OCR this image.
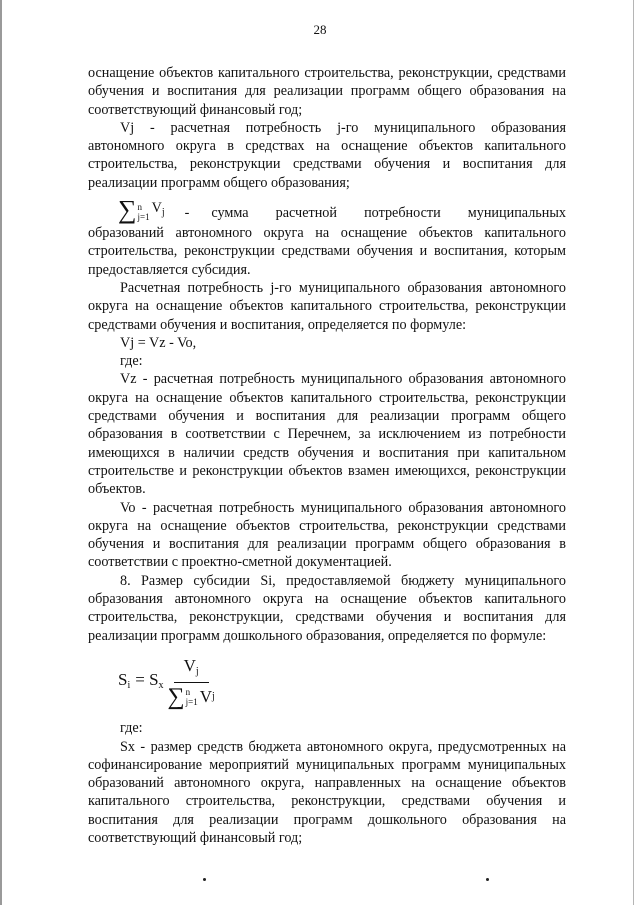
28

оснащение объектов капитального строительства, реконструкции, средствами обучения и воспитания для реализации программ общего образования на соответствующий финансовый год;

Vj - расчетная потребность j-го муниципального образования автономного округа в средствах на оснащение объектов капитального строительства, реконструкции средствами обучения и воспитания для реализации программ общего образования;

∑ n
j=1
$V_j$ - сумма расчетной потребности муниципальных

образований автономного округа на оснащение объектов капитального строительства, реконструкции средствами обучения и воспитания, которым предоставляется субсидия.

Расчетная потребность j-го муниципального образования автономного округа на оснащение объектов капитального строительства, реконструкции средствами обучения и воспитания, определяется по формуле:

Vj = Vz - Vo,

где:

Vz - расчетная потребность муниципального образования автономного округа на оснащение объектов капитального строительства, реконструкции средствами обучения и воспитания для реализации программ общего образования в соответствии с Перечнем, за исключением из потребности имеющихся в наличии средств обучения и воспитания при капитальном строительстве и реконструкции объектов взамен имеющихся, реконструкции объектов.

Vo - расчетная потребность муниципального образования автономного округа на оснащение объектов строительства, реконструкции средствами обучения и воспитания для реализации программ общего образования в соответствии с проектно-сметной документацией.

8. Размер субсидии Si, предоставляемой бюджету муниципального образования автономного округа на оснащение объектов капитального строительства, реконструкции, средствами обучения и воспитания для реализации программ дошкольного образования, определяется по формуле:

Si = Sx Vj
∑ n
j=1 V j

где:

Sx - размер средств бюджета автономного округа, предусмотренных на софинансирование мероприятий муниципальных программ муниципальных образований автономного округа, направленных на оснащение объектов капитального строительства, реконструкции, средствами обучения и воспитания для реализации программ дошкольного образования на соответствующий финансовый год;
